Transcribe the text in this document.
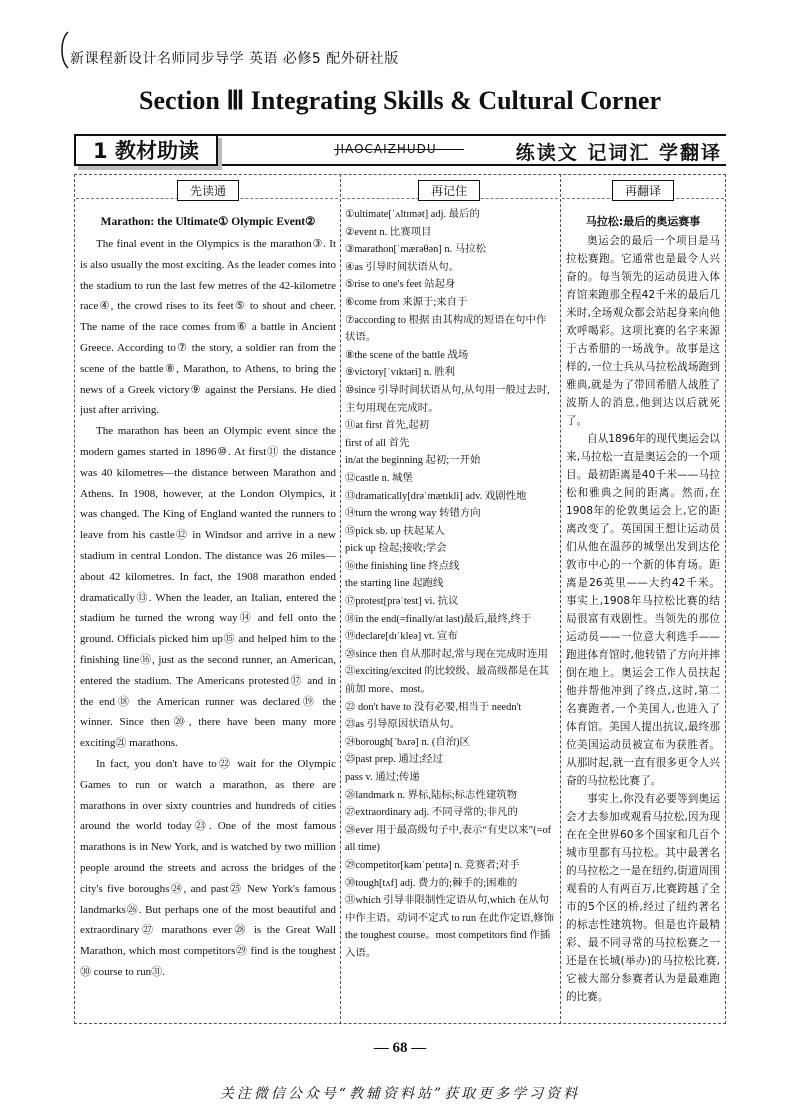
新课程新设计名师同步导学 英语 必修5 配外研社版
Section Ⅲ Integrating Skills & Cultural Corner
1 教材助读	JIAOCAIZHUDU	练读文 记词汇 学翻译
先读通	再记住	再翻译

Marathon: the Ultimate① Olympic Event②

The final event in the Olympics is the marathon③. It is also usually the most exciting. As the leader comes into the stadium to run the last few metres of the 42-kilometre race④, the crowd rises to its feet⑤ to shout and cheer. The name of the race comes from⑥ a battle in Ancient Greece. According to⑦ the story, a soldier ran from the scene of the battle⑧, Marathon, to Athens, to bring the news of a Greek victory⑨ against the Persians. He died just after arriving.

The marathon has been an Olympic event since the modern games started in 1896⑩. At first⑪ the distance was 40 kilometres—the distance between Marathon and Athens. In 1908, however, at the London Olympics, it was changed. The King of England wanted the runners to leave from his castle⑫ in Windsor and arrive in a new stadium in central London. The distance was 26 miles—about 42 kilometres. In fact, the 1908 marathon ended dramatically⑬. When the leader, an Italian, entered the stadium he turned the wrong way⑭ and fell onto the ground. Officials picked him up⑮ and helped him to the finishing line⑯, just as the second runner, an American, entered the stadium. The Americans protested⑰ and in the end⑱ the American runner was declared⑲ the winner. Since then⑳, there have been many more exciting㉑ marathons.

In fact, you don't have to㉒ wait for the Olympic Games to run or watch a marathon, as there are marathons in over sixty countries and hundreds of cities around the world today㉓. One of the most famous marathons is in New York, and is watched by two million people around the streets and across the bridges of the city's five boroughs㉔, and past㉕ New York's famous landmarks㉖. But perhaps one of the most beautiful and extraordinary㉗ marathons ever㉘ is the Great Wall Marathon, which most competitors㉙ find is the toughest㉚ course to run㉛.

①ultimate[ˈʌltɪmət] adj. 最后的

②event n. 比赛项目

③marathon[ˈmærəθən] n. 马拉松

④as 引导时间状语从句。

⑤rise to one's feet 站起身

⑥come from 来源于;来自于

⑦according to 根据 由其构成的短语在句中作状语。

⑧the scene of the battle 战场

⑨victory[ˈvɪktəri] n. 胜利

⑩since 引导时间状语从句,从句用一般过去时,主句用现在完成时。

⑪at first 首先,起初

first of all 首先

in/at the beginning 起初;一开始

⑫castle n. 城堡

⑬dramatically[drəˈmætɪkli] adv. 戏剧性地

⑭turn the wrong way 转错方向

⑮pick sb. up 扶起某人

pick up 捡起;接收;学会

⑯the finishing line 终点线

the starting line 起跑线

⑰protest[prəˈtest] vi. 抗议

⑱in the end(=finally/at last)最后,最终,终于

⑲declare[dɪˈkleə] vt. 宣布

⑳since then 自从那时起,常与现在完成时连用

㉑exciting/excited 的比较级、最高级都是在其前加 more、most。

㉒ don't have to 没有必要,相当于 needn't

㉓as 引导原因状语从句。

㉔borough[ˈbʌrə] n. (自治)区

㉕past prep. 通过;经过

pass v. 通过;传递

㉖landmark n. 界标,陆标;标志性建筑物

㉗extraordinary adj. 不同寻常的;非凡的

㉘ever 用于最高级句子中,表示“有史以来”(=of all time)

㉙competitor[kəmˈpetɪtə] n. 竞赛者;对手

㉚tough[tʌf] adj. 费力的;棘手的;困难的

㉛which 引导非限制性定语从句,which 在从句中作主语。动词不定式 to run 在此作定语,修饰 the toughest course。most competitors find 作插入语。

马拉松:最后的奥运赛事

奥运会的最后一个项目是马拉松赛跑。它通常也是最令人兴奋的。每当领先的运动员进入体育馆来跑那全程42千米的最后几米时,全场观众都会站起身来向他欢呼喝彩。这项比赛的名字来源于古希腊的一场战争。故事是这样的,一位士兵从马拉松战场跑到雅典,就是为了带回希腊人战胜了波斯人的消息,他到达以后就死了。

自从1896年的现代奥运会以来,马拉松一直是奥运会的一个项目。最初距离是40千米——马拉松和雅典之间的距离。然而,在1908年的伦敦奥运会上,它的距离改变了。英国国王想让运动员们从他在温莎的城堡出发到达伦敦市中心的一个新的体育场。距离是26英里——大约42千米。事实上,1908年马拉松比赛的结局很富有戏剧性。当领先的那位运动员——一位意大利选手——跑进体育馆时,他转错了方向并摔倒在地上。奥运会工作人员扶起他并帮他冲到了终点,这时,第二名赛跑者,一个美国人,也进入了体育馆。美国人提出抗议,最终那位美国运动员被宣布为获胜者。从那时起,就一直有很多更令人兴奋的马拉松比赛了。

事实上,你没有必要等到奥运会才去参加或观看马拉松,因为现在在全世界60多个国家和几百个城市里都有马拉松。其中最著名的马拉松之一是在纽约,街道周围观看的人有两百万,比赛跨越了全市的5个区的桥,经过了纽约著名的标志性建筑物。但是也许最精彩、最不同寻常的马拉松赛之一还是在长城(举办)的马拉松比赛,它被大部分参赛者认为是最难跑的比赛。

— 68 —
关注微信公众号“教辅资料站”获取更多学习资料
